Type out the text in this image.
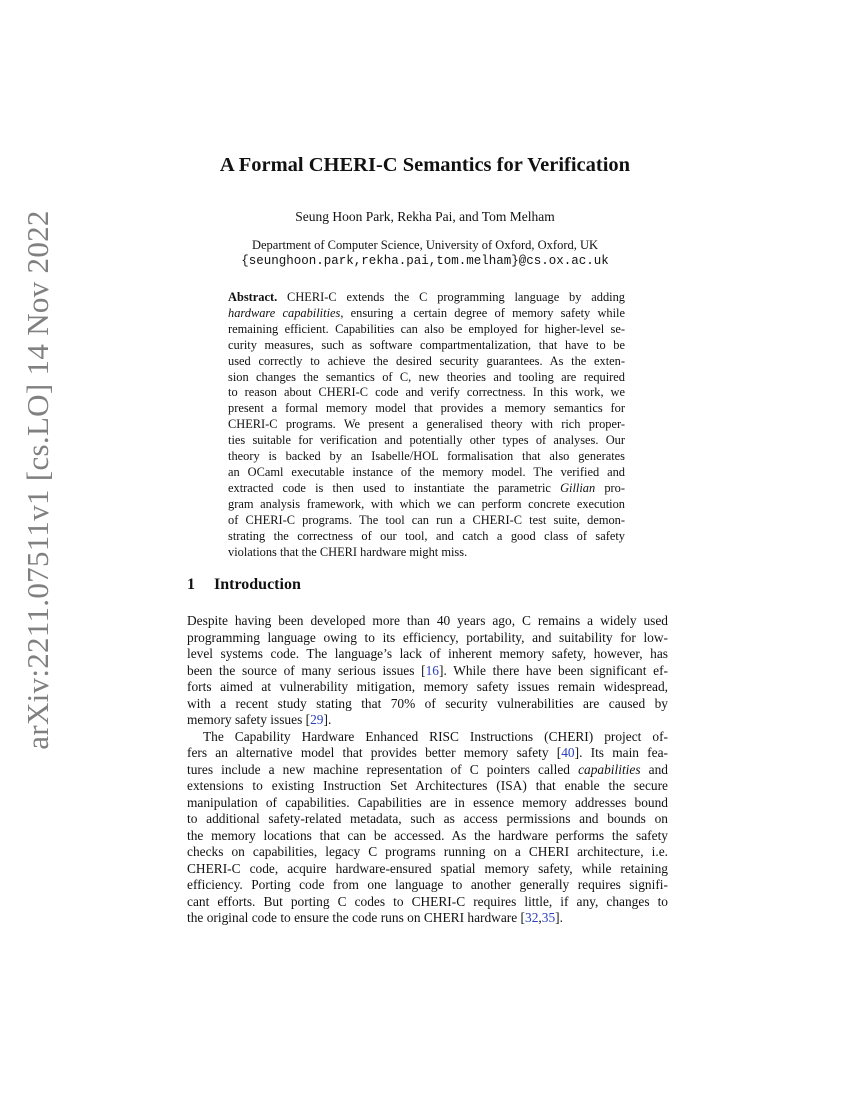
arXiv:2211.07511v1 [cs.LO] 14 Nov 2022
A Formal CHERI-C Semantics for Verification
Seung Hoon Park, Rekha Pai, and Tom Melham
Department of Computer Science, University of Oxford, Oxford, UK
{seunghoon.park,rekha.pai,tom.melham}@cs.ox.ac.uk
Abstract. CHERI-C extends the C programming language by adding
hardware capabilities, ensuring a certain degree of memory safety while
remaining efficient. Capabilities can also be employed for higher-level se-
curity measures, such as software compartmentalization, that have to be
used correctly to achieve the desired security guarantees. As the exten-
sion changes the semantics of C, new theories and tooling are required
to reason about CHERI-C code and verify correctness. In this work, we
present a formal memory model that provides a memory semantics for
CHERI-C programs. We present a generalised theory with rich proper-
ties suitable for verification and potentially other types of analyses. Our
theory is backed by an Isabelle/HOL formalisation that also generates
an OCaml executable instance of the memory model. The verified and
extracted code is then used to instantiate the parametric Gillian pro-
gram analysis framework, with which we can perform concrete execution
of CHERI-C programs. The tool can run a CHERI-C test suite, demon-
strating the correctness of our tool, and catch a good class of safety
violations that the CHERI hardware might miss.
1 Introduction
Despite having been developed more than 40 years ago, C remains a widely used
programming language owing to its efficiency, portability, and suitability for low-
level systems code. The language’s lack of inherent memory safety, however, has
been the source of many serious issues [16]. While there have been significant ef-
forts aimed at vulnerability mitigation, memory safety issues remain widespread,
with a recent study stating that 70% of security vulnerabilities are caused by
memory safety issues [29].
The Capability Hardware Enhanced RISC Instructions (CHERI) project of-
fers an alternative model that provides better memory safety [40]. Its main fea-
tures include a new machine representation of C pointers called capabilities and
extensions to existing Instruction Set Architectures (ISA) that enable the secure
manipulation of capabilities. Capabilities are in essence memory addresses bound
to additional safety-related metadata, such as access permissions and bounds on
the memory locations that can be accessed. As the hardware performs the safety
checks on capabilities, legacy C programs running on a CHERI architecture, i.e.
CHERI-C code, acquire hardware-ensured spatial memory safety, while retaining
efficiency. Porting code from one language to another generally requires signifi-
cant efforts. But porting C codes to CHERI-C requires little, if any, changes to
the original code to ensure the code runs on CHERI hardware [32,35].
